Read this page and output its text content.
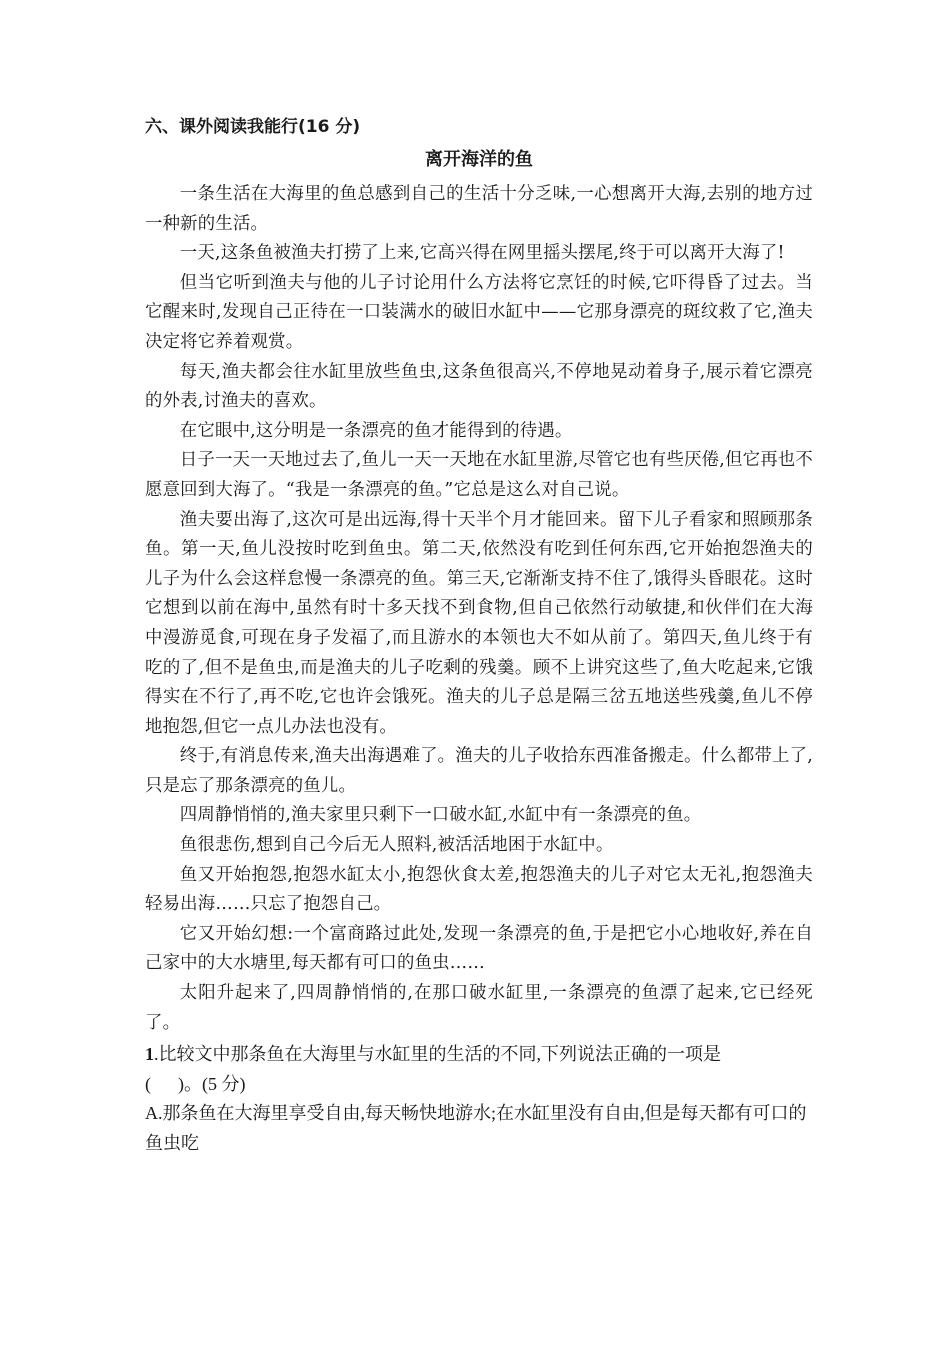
六、课外阅读我能行(16 分)

离开海洋的鱼

一条生活在大海里的鱼总感到自己的生活十分乏味,一心想离开大海,去别的地方过一种新的生活。

一天,这条鱼被渔夫打捞了上来,它高兴得在网里摇头摆尾,终于可以离开大海了!

但当它听到渔夫与他的儿子讨论用什么方法将它烹饪的时候,它吓得昏了过去。当它醒来时,发现自己正待在一口装满水的破旧水缸中——它那身漂亮的斑纹救了它,渔夫决定将它养着观赏。

每天,渔夫都会往水缸里放些鱼虫,这条鱼很高兴,不停地晃动着身子,展示着它漂亮的外表,讨渔夫的喜欢。

在它眼中,这分明是一条漂亮的鱼才能得到的待遇。

日子一天一天地过去了,鱼儿一天一天地在水缸里游,尽管它也有些厌倦,但它再也不愿意回到大海了。“我是一条漂亮的鱼。”它总是这么对自己说。

渔夫要出海了,这次可是出远海,得十天半个月才能回来。留下儿子看家和照顾那条鱼。第一天,鱼儿没按时吃到鱼虫。第二天,依然没有吃到任何东西,它开始抱怨渔夫的儿子为什么会这样怠慢一条漂亮的鱼。第三天,它渐渐支持不住了,饿得头昏眼花。这时它想到以前在海中,虽然有时十多天找不到食物,但自己依然行动敏捷,和伙伴们在大海中漫游觅食,可现在身子发福了,而且游水的本领也大不如从前了。第四天,鱼儿终于有吃的了,但不是鱼虫,而是渔夫的儿子吃剩的残羹。顾不上讲究这些了,鱼大吃起来,它饿得实在不行了,再不吃,它也许会饿死。渔夫的儿子总是隔三岔五地送些残羹,鱼儿不停地抱怨,但它一点儿办法也没有。

终于,有消息传来,渔夫出海遇难了。渔夫的儿子收拾东西准备搬走。什么都带上了,只是忘了那条漂亮的鱼儿。

四周静悄悄的,渔夫家里只剩下一口破水缸,水缸中有一条漂亮的鱼。

鱼很悲伤,想到自己今后无人照料,被活活地困于水缸中。

鱼又开始抱怨,抱怨水缸太小,抱怨伙食太差,抱怨渔夫的儿子对它太无礼,抱怨渔夫轻易出海……只忘了抱怨自己。

它又开始幻想:一个富商路过此处,发现一条漂亮的鱼,于是把它小心地收好,养在自己家中的大水塘里,每天都有可口的鱼虫……

太阳升起来了,四周静悄悄的,在那口破水缸里,一条漂亮的鱼漂了起来,它已经死了。

1.比较文中那条鱼在大海里与水缸里的生活的不同,下列说法正确的一项是

(      )。(5 分)

A.那条鱼在大海里享受自由,每天畅快地游水;在水缸里没有自由,但是每天都有可口的鱼虫吃
